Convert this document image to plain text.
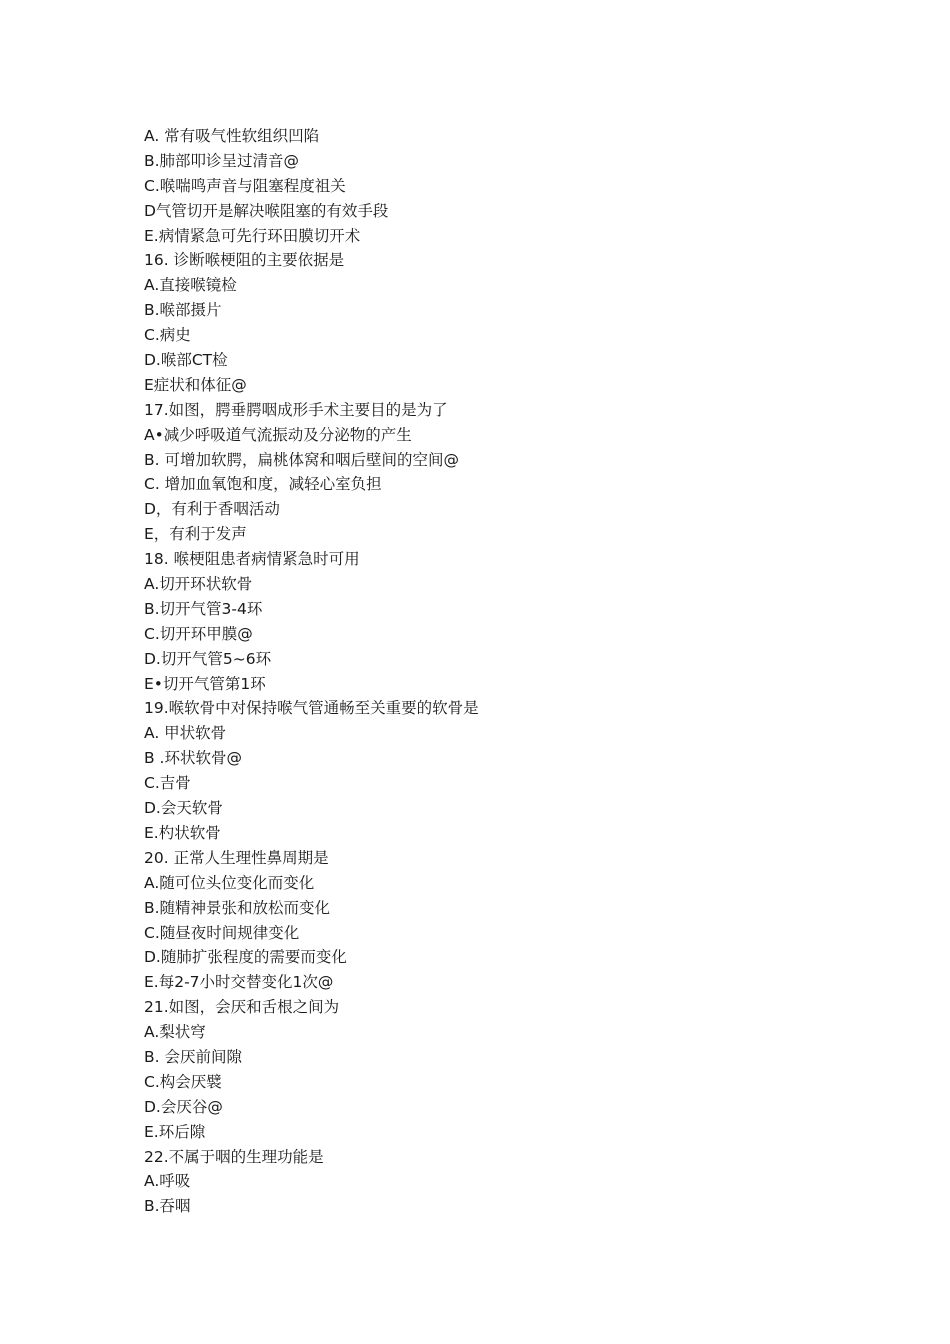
A. 常有吸气性软组织凹陷
B.肺部叩诊呈过清音@
C.喉喘鸣声音与阻塞程度祖关
D气管切开是解决喉阻塞的有效手段
E.病情紧急可先行环田膜切开术
16. 诊断喉梗阻的主要依据是
A.直接喉镜检
B.喉部摄片
C.病史
D.喉部CT检
E症状和体征@
17.如图，腭垂腭咽成形手术主要目的是为了
A•减少呼吸道气流振动及分泌物的产生
B. 可增加软腭，扁桃体窝和咽后壁间的空间@
C. 增加血氧饱和度，减轻心室负担
D，有利于香咽活动
E，有利于发声
18. 喉梗阻患者病情紧急时可用
A.切开环状软骨
B.切开气管3-4环
C.切开环甲膜@
D.切开气管5~6环
E•切开气管第1环
19.喉软骨中对保持喉气管通畅至关重要的软骨是
A. 甲状软骨
B .环状软骨@
C.吉骨
D.会天软骨
E.杓状软骨
20. 正常人生理性鼻周期是
A.随可位头位变化而变化
B.随精神景张和放松而变化
C.随昼夜时间规律变化
D.随肺扩张程度的需要而变化
E.每2-7小时交替变化1次@
21.如图，会厌和舌根之间为
A.梨状穹
B. 会厌前间隙
C.构会厌襞
D.会厌谷@
E.环后隙
22.不属于咽的生理功能是
A.呼吸
B.吞咽
